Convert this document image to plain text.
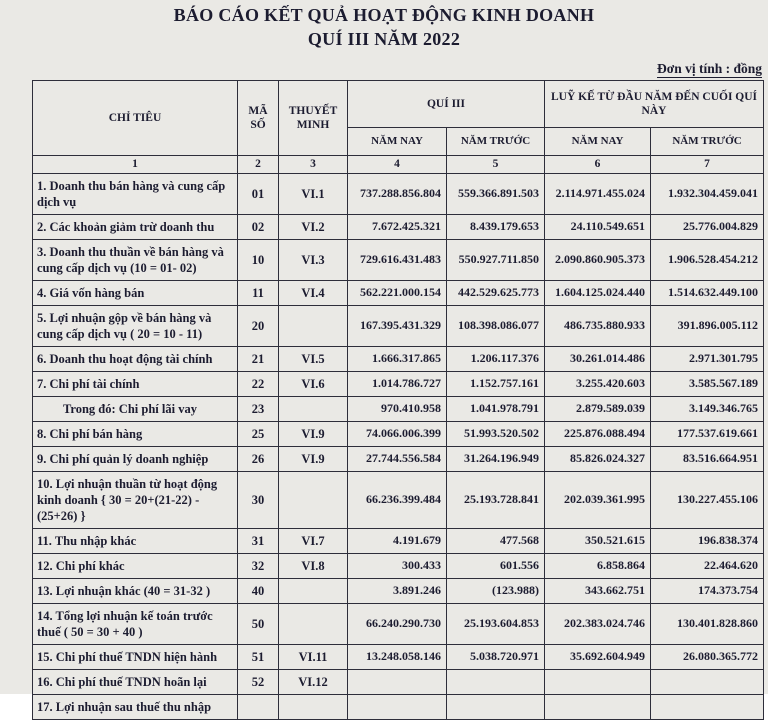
BÁO CÁO KẾT QUẢ HOẠT ĐỘNG KINH DOANH
QUÍ III NĂM 2022
Đơn vị tính : đồng
CHỈ TIÊU	MÃ SỐ	THUYẾT MINH	QUÍ III		LUỸ KẾ TỪ ĐẦU NĂM ĐẾN CUỐI QUÍ NÀY	
			NĂM NAY	NĂM TRƯỚC	NĂM NAY	NĂM TRƯỚC
1	2	3	4	5	6	7
1. Doanh thu bán hàng và cung cấp dịch vụ	01	VI.1	737.288.856.804	559.366.891.503	2.114.971.455.024	1.932.304.459.041
2. Các khoản giảm trừ doanh thu	02	VI.2	7.672.425.321	8.439.179.653	24.110.549.651	25.776.004.829
3. Doanh thu thuần về bán hàng và cung cấp dịch vụ (10 = 01- 02)	10	VI.3	729.616.431.483	550.927.711.850	2.090.860.905.373	1.906.528.454.212
4. Giá vốn hàng bán	11	VI.4	562.221.000.154	442.529.625.773	1.604.125.024.440	1.514.632.449.100
5. Lợi nhuận gộp về bán hàng và cung cấp dịch vụ ( 20 = 10 - 11)	20		167.395.431.329	108.398.086.077	486.735.880.933	391.896.005.112
6. Doanh thu hoạt động tài chính	21	VI.5	1.666.317.865	1.206.117.376	30.261.014.486	2.971.301.795
7. Chi phí tài chính	22	VI.6	1.014.786.727	1.152.757.161	3.255.420.603	3.585.567.189
Trong đó: Chi phí lãi vay	23		970.410.958	1.041.978.791	2.879.589.039	3.149.346.765
8. Chi phí bán hàng	25	VI.9	74.066.006.399	51.993.520.502	225.876.088.494	177.537.619.661
9. Chi phí quản lý doanh nghiệp	26	VI.9	27.744.556.584	31.264.196.949	85.826.024.327	83.516.664.951
10. Lợi nhuận thuần từ hoạt động kinh doanh { 30 = 20+(21-22) - (25+26) }	30		66.236.399.484	25.193.728.841	202.039.361.995	130.227.455.106
11. Thu nhập khác	31	VI.7	4.191.679	477.568	350.521.615	196.838.374
12. Chi phí khác	32	VI.8	300.433	601.556	6.858.864	22.464.620
13. Lợi nhuận khác (40 = 31-32 )	40		3.891.246	(123.988)	343.662.751	174.373.754
14. Tổng lợi nhuận kế toán trước thuế ( 50 = 30 + 40 )	50		66.240.290.730	25.193.604.853	202.383.024.746	130.401.828.860
15. Chi phí thuế TNDN hiện hành	51	VI.11	13.248.058.146	5.038.720.971	35.692.604.949	26.080.365.772
16. Chi phí thuế TNDN hoãn lại	52	VI.12				
17. Lợi nhuận sau thuế thu nhập						
